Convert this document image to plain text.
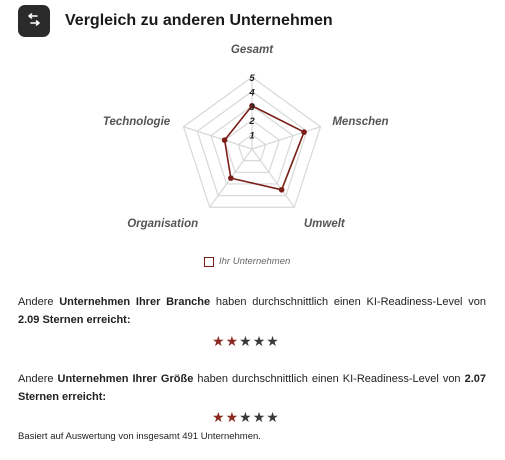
Vergleich zu anderen Unternehmen
Gesamt
Menschen
Umwelt
Organisation
Technologie
1
2
3
4
5
Ihr Unternehmen
Andere Unternehmen Ihrer Branche haben durchschnittlich einen KI-Readiness-Level von 2.09 Sternen erreicht:
★ ★ ★ ★ ★
Andere Unternehmen Ihrer Größe haben durchschnittlich einen KI-Readiness-Level von 2.07 Sternen erreicht:
★ ★ ★ ★ ★
Basiert auf Auswertung von insgesamt 491 Unternehmen.
